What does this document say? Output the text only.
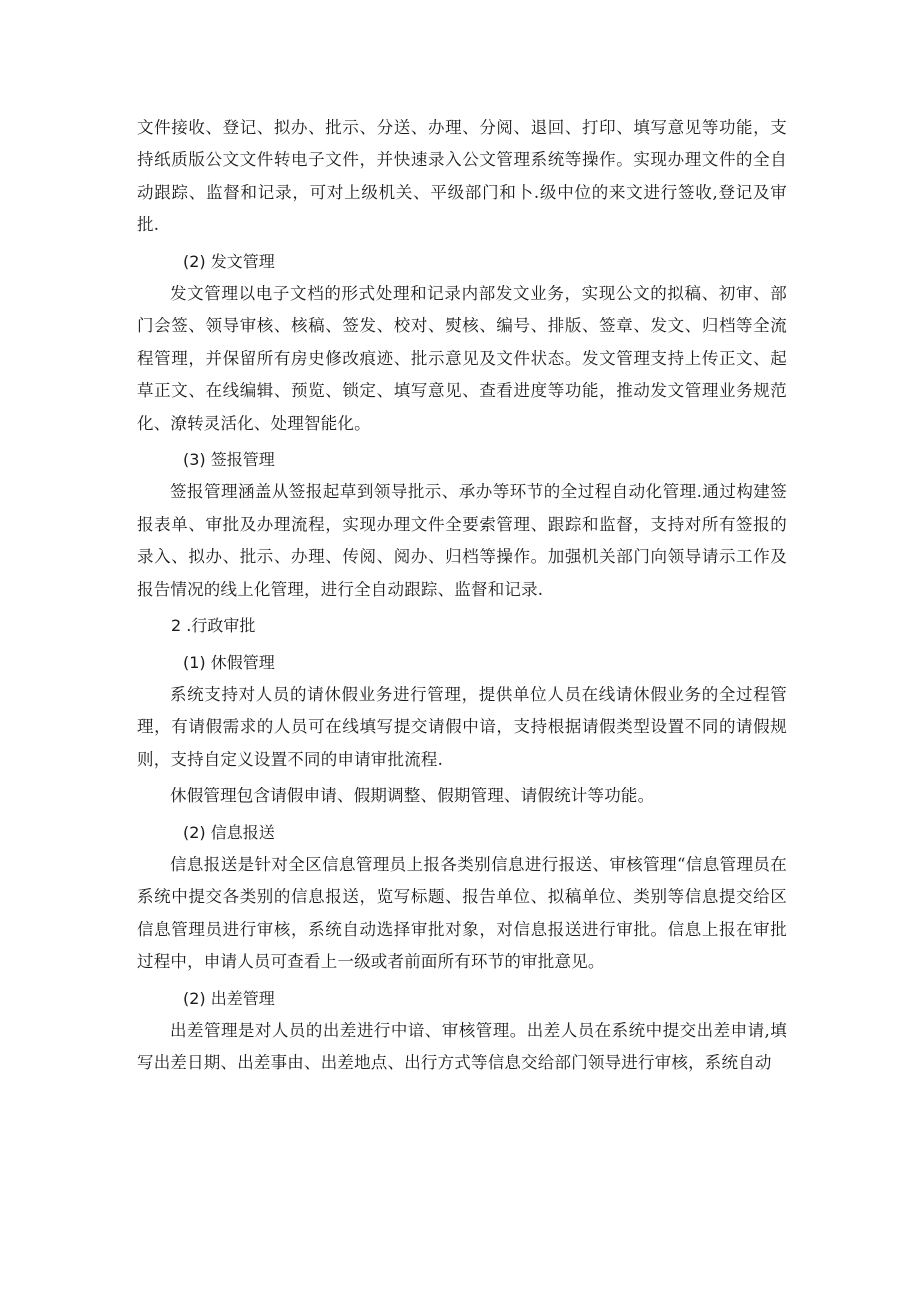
文件接收、登记、拟办、批示、分送、办理、分阅、退回、打印、填写意见等功能，支持纸质版公文文件转电子文件，并快速录入公文管理系统等操作。实现办理文件的全自动跟踪、监督和记录，可对上级机关、平级部门和卜.级中位的来文进行签收,登记及审批.

(2) 发文管理

发文管理以电子文档的形式处理和记录内部发文业务，实现公文的拟稿、初审、部门会签、领导审核、核稿、签发、校对、熨核、编号、排版、签章、发文、归档等全流程管理，并保留所有房史修改痕迹、批示意见及文件状态。发文管理支持上传正文、起草正文、在线编辑、预览、锁定、填写意见、查看进度等功能，推动发文管理业务规范化、潦转灵活化、处理智能化。

(3) 签报管理

签报管理涵盖从签报起草到领导批示、承办等环节的全过程自动化管理.通过构建签报表单、审批及办理流程，实现办理文件全要索管理、跟踪和监督，支持对所有签报的录入、拟办、批示、办理、传阅、阅办、归档等操作。加强机关部门向领导请示工作及报告情况的线上化管理，进行全自动跟踪、监督和记录.

2 .行政审批

(1) 休假管理

系统支持对人员的请休假业务进行管理，提供单位人员在线请休假业务的全过程管理，有请假需求的人员可在线填写提交请假中谙，支持根据请假类型设置不同的请假规则，支持自定义设置不同的申请审批流程.

休假管理包含请假申请、假期调整、假期管理、请假统计等功能。

(2) 信息报送

信息报送是针对全区信息管理员上报各类别信息进行报送、审核管理“信息管理员在系统中提交各类别的信息报送，览写标题、报告单位、拟稿单位、类别等信息提交给区信息管理员进行审核，系统自动选择审批对象，对信息报送进行审批。信息上报在审批过程中，申请人员可查看上一级或者前面所有环节的审批意见。

(2) 出差管理

出差管理是对人员的出差进行中谙、审核管理。出差人员在系统中提交出差申请,填写出差日期、出差事由、出差地点、出行方式等信息交给部门领导进行审核，系统自动
